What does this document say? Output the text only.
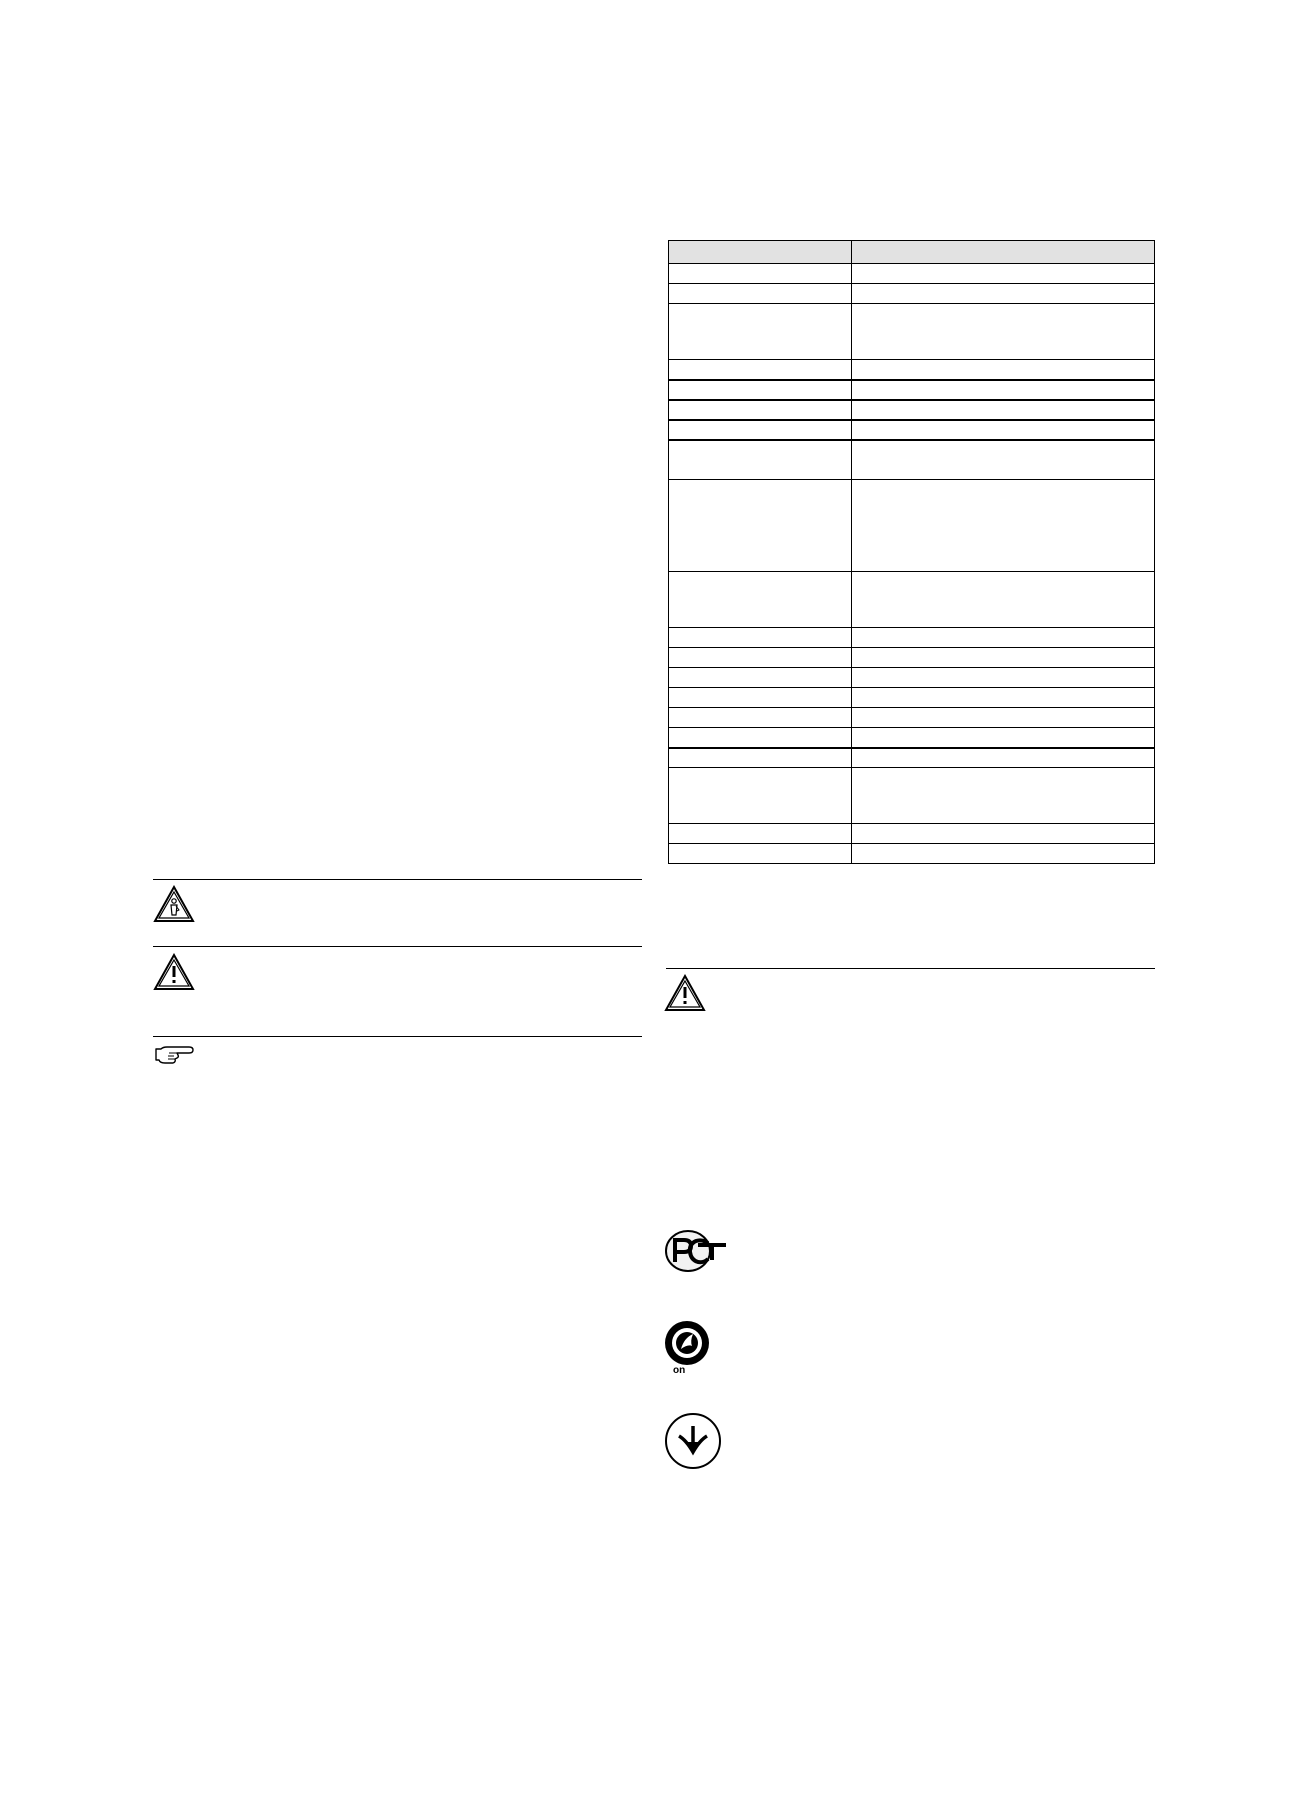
on
